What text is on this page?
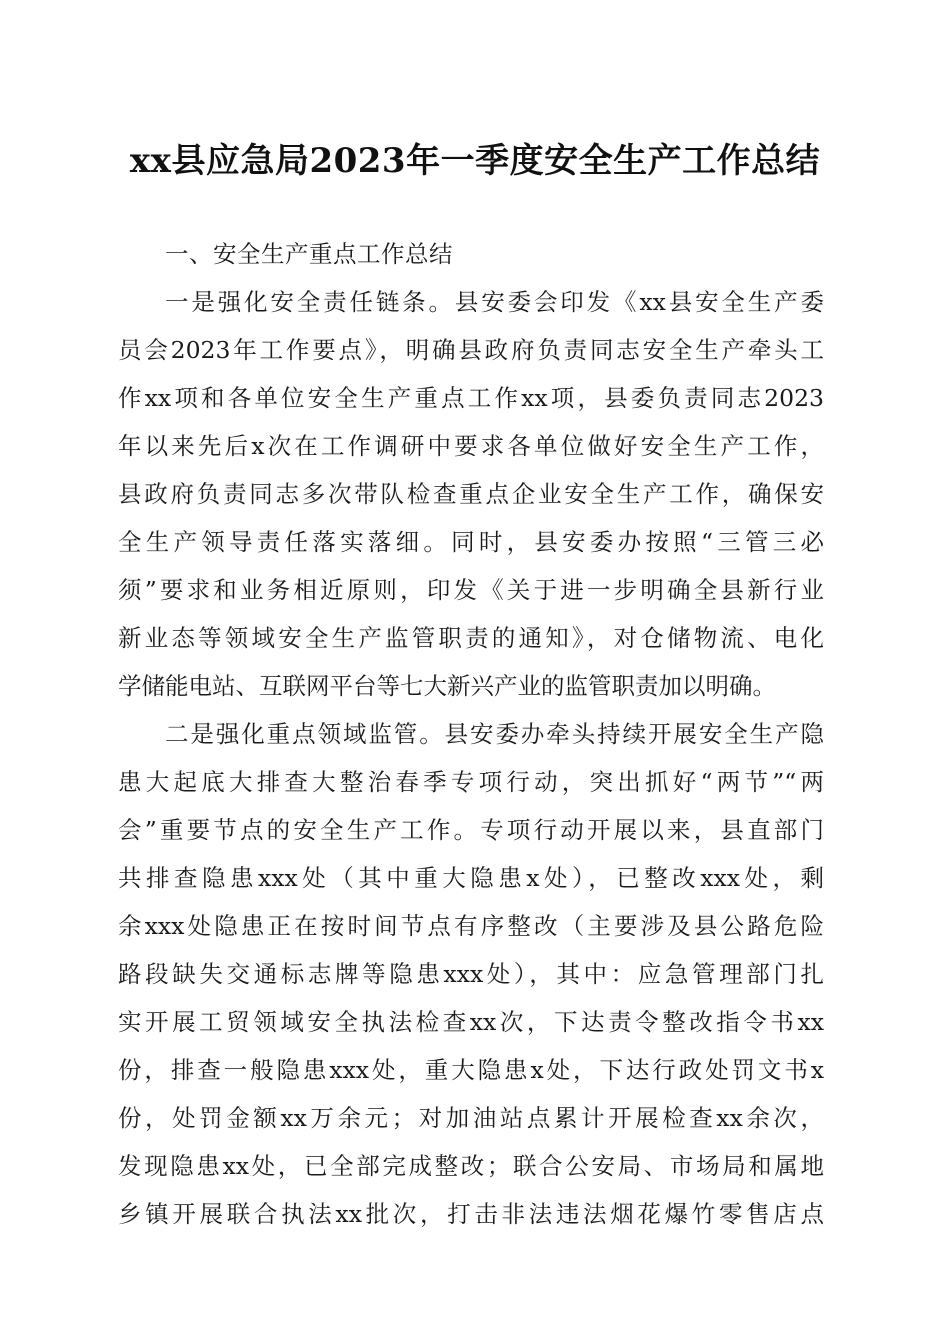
xx县应急局2023年一季度安全生产工作总结
一、安全生产重点工作总结
一是强化安全责任链条。县安委会印发《xx县安全生产委
员会2023年工作要点》，明确县政府负责同志安全生产牵头工
作xx项和各单位安全生产重点工作xx项，县委负责同志2023
年以来先后x次在工作调研中要求各单位做好安全生产工作，
县政府负责同志多次带队检查重点企业安全生产工作，确保安
全生产领导责任落实落细。同时，县安委办按照“三管三必
须”要求和业务相近原则，印发《关于进一步明确全县新行业
新业态等领域安全生产监管职责的通知》，对仓储物流、电化
学储能电站、互联网平台等七大新兴产业的监管职责加以明确。
二是强化重点领域监管。县安委办牵头持续开展安全生产隐
患大起底大排查大整治春季专项行动，突出抓好“两节”“两
会”重要节点的安全生产工作。专项行动开展以来，县直部门
共排查隐患xxx处（其中重大隐患x处），已整改xxx处，剩
余xxx处隐患正在按时间节点有序整改（主要涉及县公路危险
路段缺失交通标志牌等隐患xxx处），其中：应急管理部门扎
实开展工贸领域安全执法检查xx次，下达责令整改指令书xx
份，排查一般隐患xxx处，重大隐患x处，下达行政处罚文书x
份，处罚金额xx万余元；对加油站点累计开展检查xx余次，
发现隐患xx处，已全部完成整改；联合公安局、市场局和属地
乡镇开展联合执法xx批次，打击非法违法烟花爆竹零售店点
